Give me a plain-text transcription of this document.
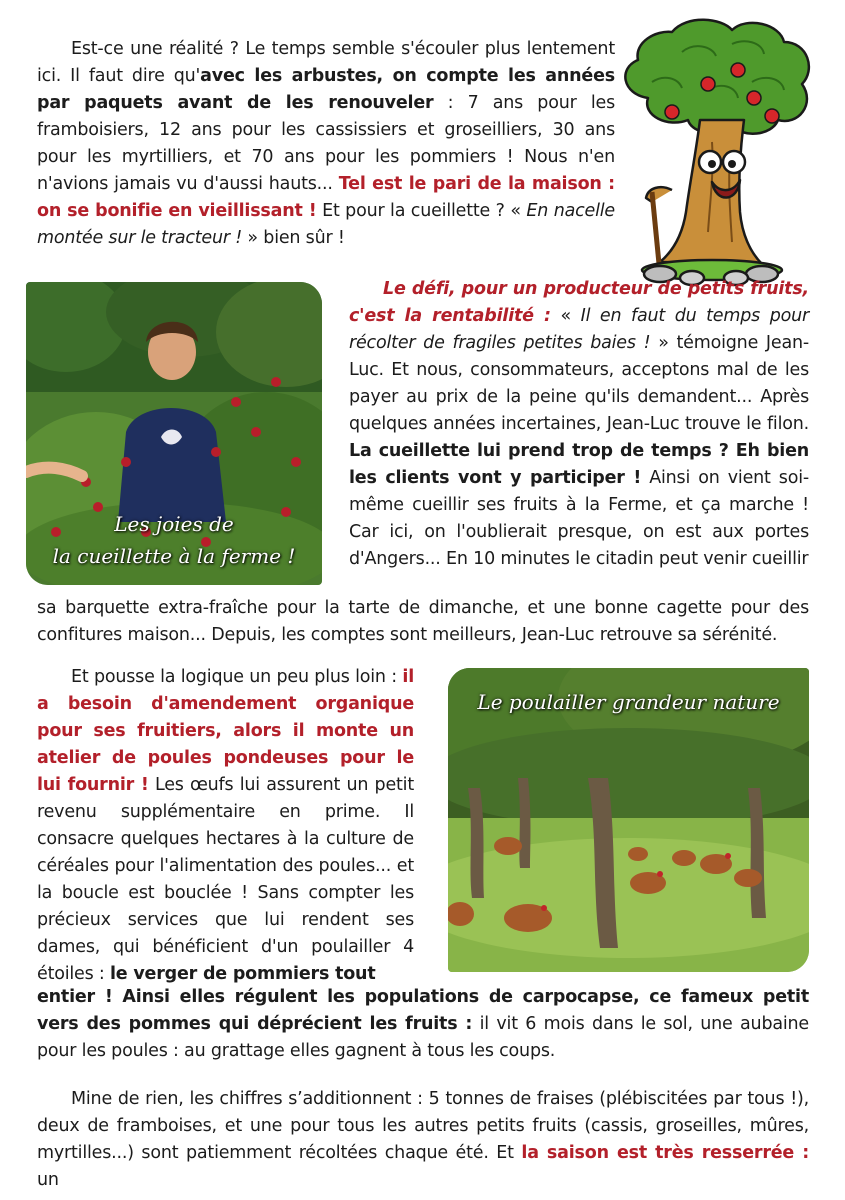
Est-ce une réalité ? Le temps semble s'écouler plus lentement ici. Il faut dire qu'avec les arbustes, on compte les années par paquets avant de les renouveler : 7 ans pour les framboisiers, 12 ans pour les cassissiers et groseilliers, 30 ans pour les myrtilliers, et 70 ans pour les pommiers ! Nous n'en n'avions jamais vu d'aussi hauts... Tel est le pari de la maison : on se bonifie en vieillissant ! Et pour la cueillette ? « En nacelle montée sur le tracteur ! » bien sûr !

Les joies de
la cueillette à la ferme !

Le défi, pour un producteur de petits fruits, c'est la rentabilité : « Il en faut du temps pour récolter de fragiles petites baies ! » témoigne Jean-Luc. Et nous, consommateurs, acceptons mal de les payer au prix de la peine qu'ils demandent... Après quelques années incertaines, Jean-Luc trouve le filon. La cueillette lui prend trop de temps ? Eh bien les clients vont y participer ! Ainsi on vient soi-même cueillir ses fruits à la Ferme, et ça marche ! Car ici, on l'oublierait presque, on est aux portes d'Angers... En 10 minutes le citadin peut venir cueillir

sa barquette extra-fraîche pour la tarte de dimanche, et une bonne cagette pour des confitures maison... Depuis, les comptes sont meilleurs, Jean-Luc retrouve sa sérénité.

Et pousse la logique un peu plus loin : il a besoin d'amendement organique pour ses fruitiers, alors il monte un atelier de poules pondeuses pour le lui fournir ! Les œufs lui assurent un petit revenu supplémentaire en prime. Il consacre quelques hectares à la culture de céréales pour l'alimentation des poules... et la boucle est bouclée ! Sans compter les précieux services que lui rendent ses dames, qui bénéficient d'un poulailler 4 étoiles : le verger de pommiers tout

entier ! Ainsi elles régulent les populations de carpocapse, ce fameux petit vers des pommes qui déprécient les fruits : il vit 6 mois dans le sol, une aubaine pour les poules : au grattage elles gagnent à tous les coups.

Le poulailler grandeur nature

Mine de rien, les chiffres s’additionnent : 5 tonnes de fraises (plébiscitées par tous !), deux de framboises, et une pour tous les autres petits fruits (cassis, groseilles, mûres, myrtilles...) sont patiemment récoltées chaque été. Et la saison est très resserrée : un
